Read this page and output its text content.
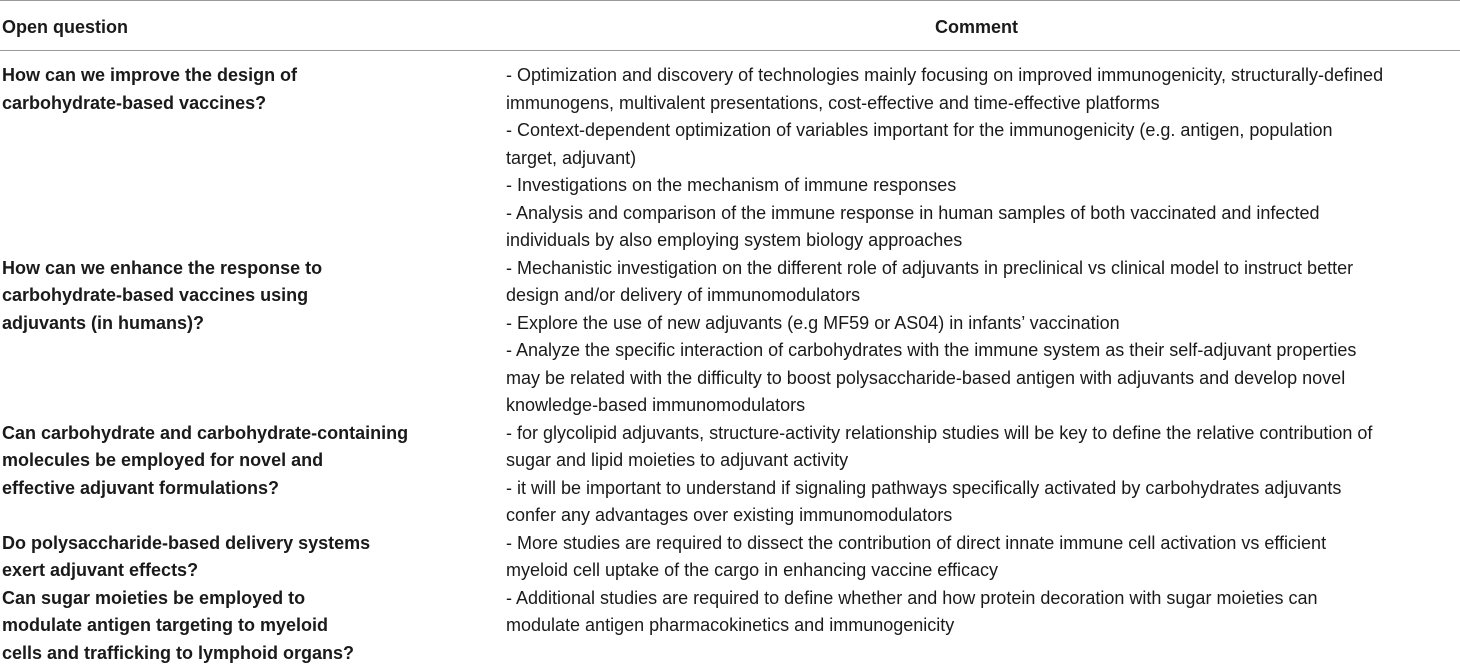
Open question	Comment
How can we improve the design of
carbohydrate-based vaccines?
- Optimization and discovery of technologies mainly focusing on improved immunogenicity, structurally-defined
immunogens, multivalent presentations, cost-effective and time-effective platforms
- Context-dependent optimization of variables important for the immunogenicity (e.g. antigen, population
target, adjuvant)
- Investigations on the mechanism of immune responses
- Analysis and comparison of the immune response in human samples of both vaccinated and infected
individuals by also employing system biology approaches
How can we enhance the response to
carbohydrate-based vaccines using
adjuvants (in humans)?
- Mechanistic investigation on the different role of adjuvants in preclinical vs clinical model to instruct better
design and/or delivery of immunomodulators
- Explore the use of new adjuvants (e.g MF59 or AS04) in infants’ vaccination
- Analyze the specific interaction of carbohydrates with the immune system as their self-adjuvant properties
may be related with the difficulty to boost polysaccharide-based antigen with adjuvants and develop novel
knowledge-based immunomodulators
Can carbohydrate and carbohydrate-containing
molecules be employed for novel and
effective adjuvant formulations?
- for glycolipid adjuvants, structure-activity relationship studies will be key to define the relative contribution of
sugar and lipid moieties to adjuvant activity
- it will be important to understand if signaling pathways specifically activated by carbohydrates adjuvants
confer any advantages over existing immunomodulators
Do polysaccharide-based delivery systems
exert adjuvant effects?
- More studies are required to dissect the contribution of direct innate immune cell activation vs efficient
myeloid cell uptake of the cargo in enhancing vaccine efficacy
Can sugar moieties be employed to
modulate antigen targeting to myeloid
cells and trafficking to lymphoid organs?
- Additional studies are required to define whether and how protein decoration with sugar moieties can
modulate antigen pharmacokinetics and immunogenicity
